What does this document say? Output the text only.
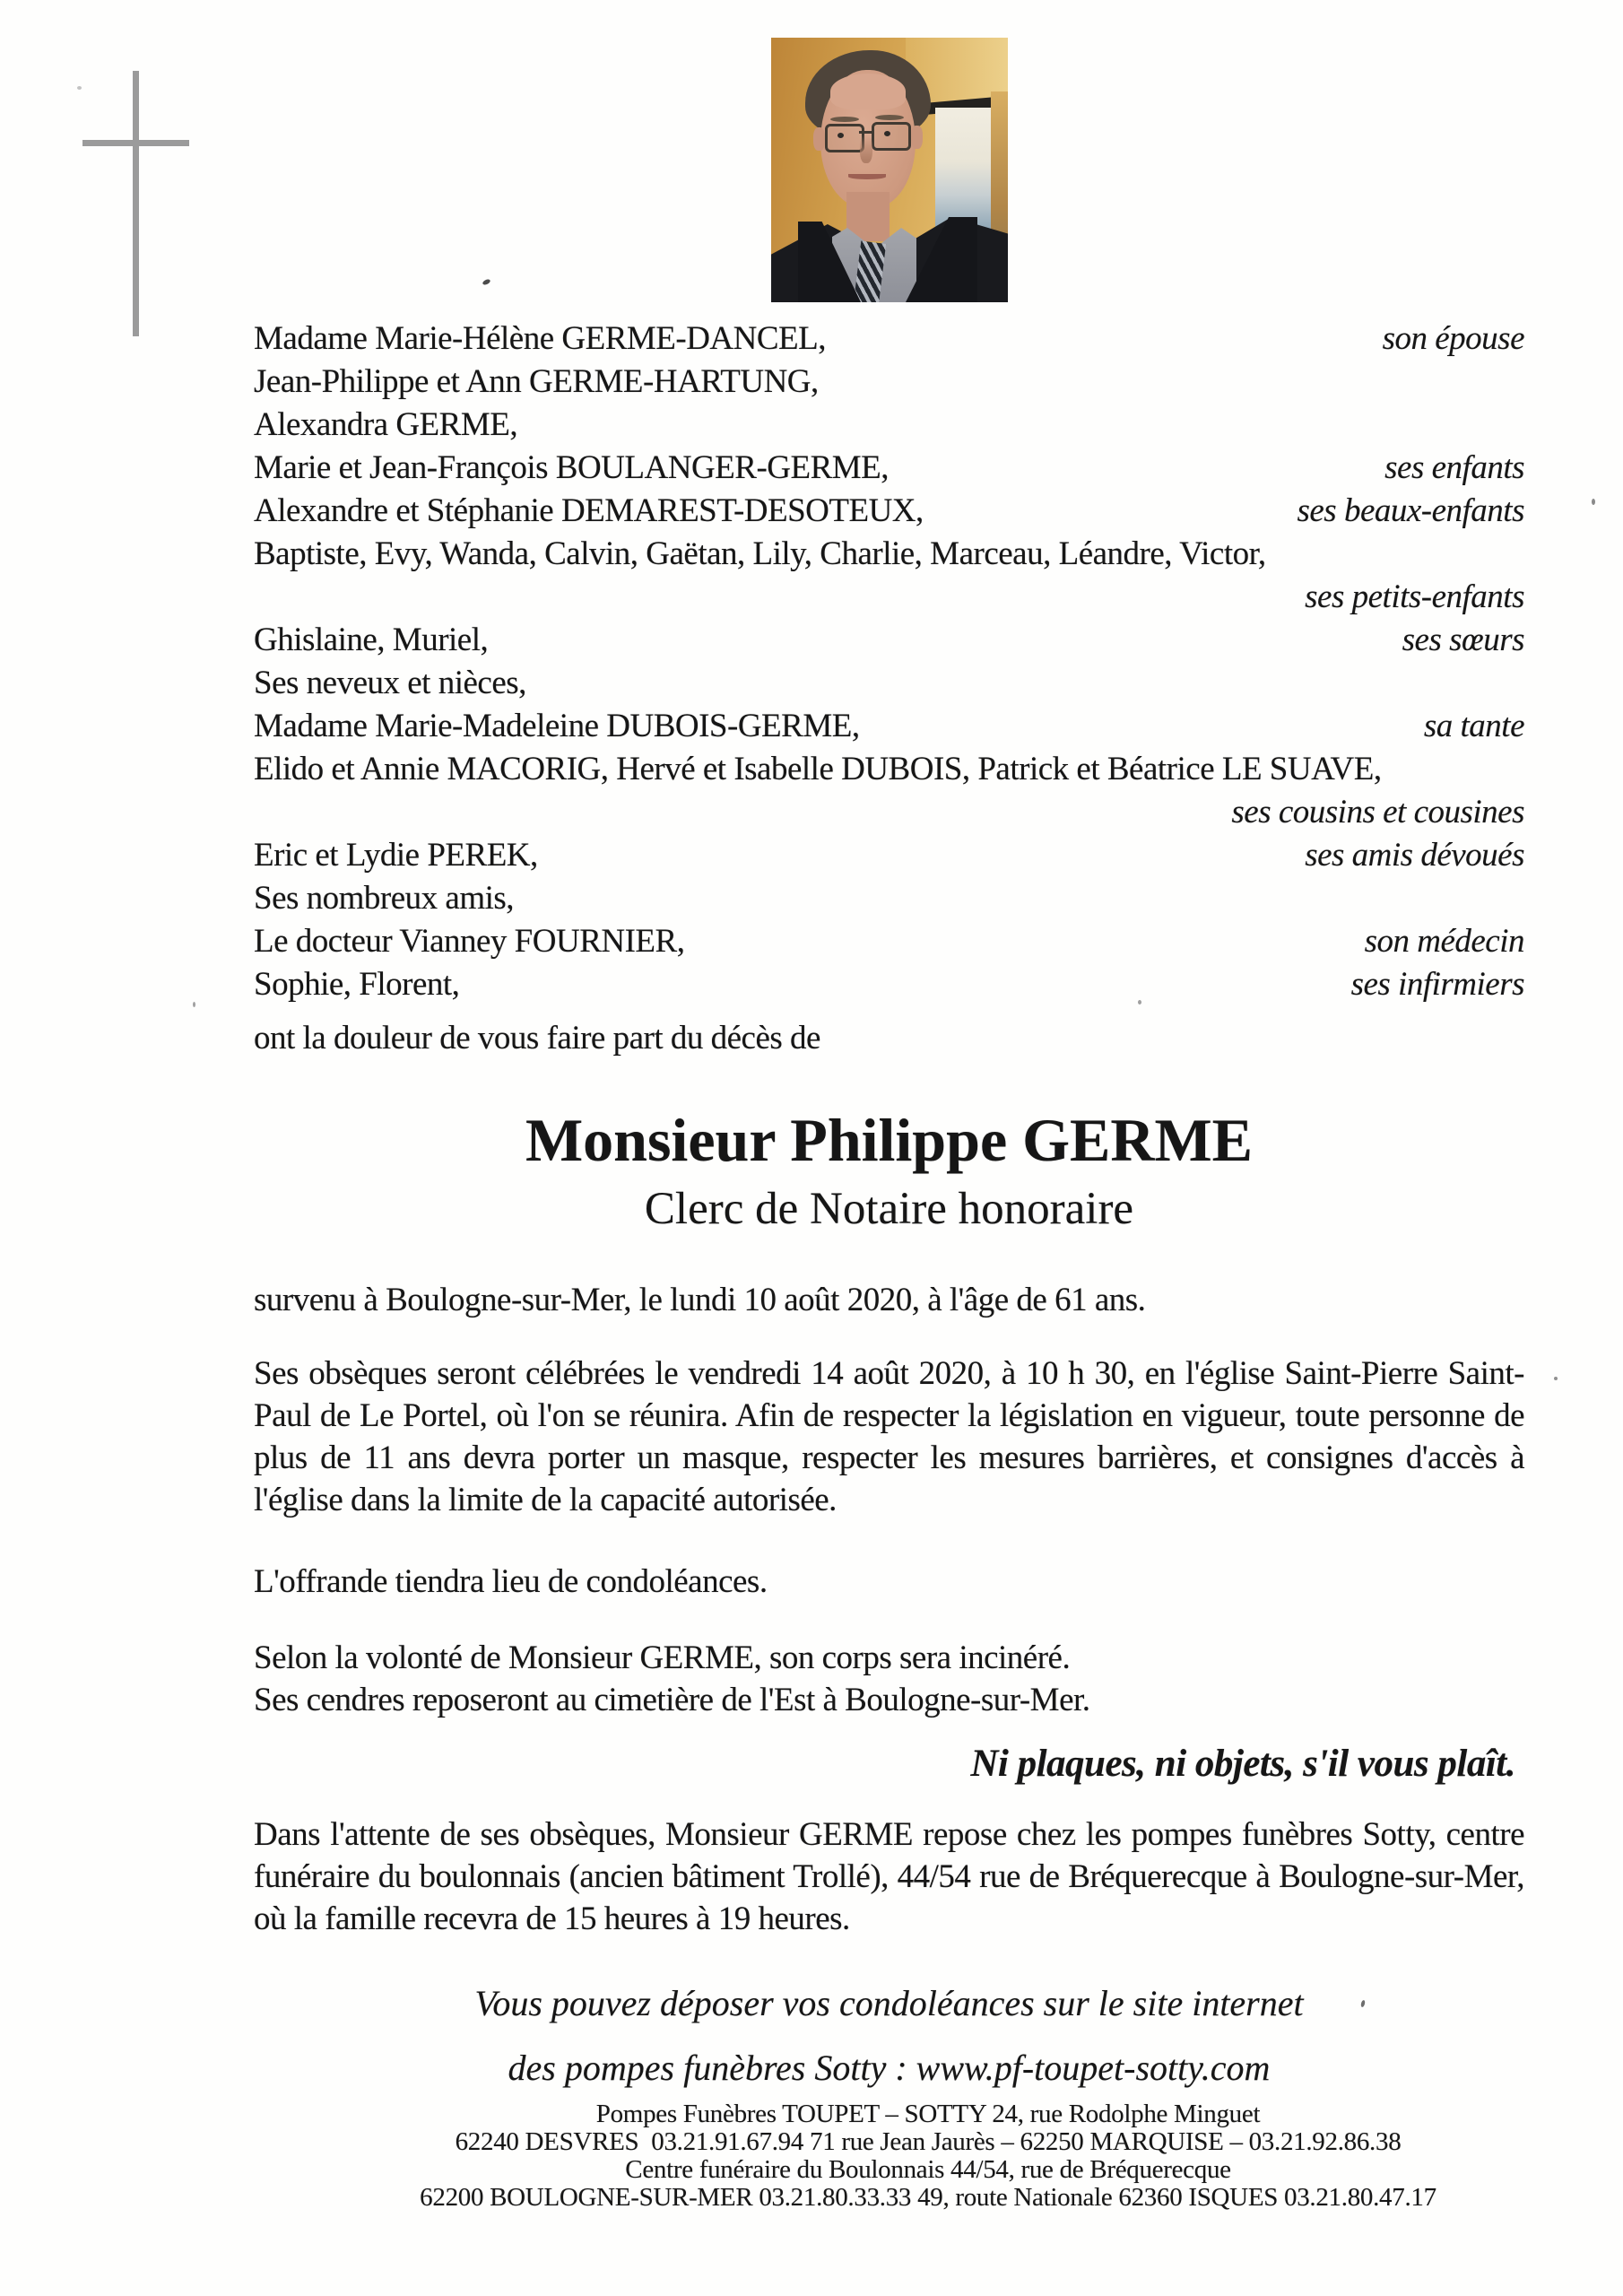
Madame Marie-Hélène GERME-DANCEL,	son épouse
Jean-Philippe et Ann GERME-HARTUNG,
Alexandra GERME,
Marie et Jean-François BOULANGER-GERME,	ses enfants
Alexandre et Stéphanie DEMAREST-DESOTEUX,	ses beaux-enfants
Baptiste, Evy, Wanda, Calvin, Gaëtan, Lily, Charlie, Marceau, Léandre, Victor,
ses petits-enfants
Ghislaine, Muriel,	ses sœurs
Ses neveux et nièces,
Madame Marie-Madeleine DUBOIS-GERME,	sa tante
Elido et Annie MACORIG, Hervé et Isabelle DUBOIS, Patrick et Béatrice LE SUAVE,
ses cousins et cousines
Eric et Lydie PEREK,	ses amis dévoués
Ses nombreux amis,
Le docteur Vianney FOURNIER,	son médecin
Sophie, Florent,	ses infirmiers
ont la douleur de vous faire part du décès de
Monsieur Philippe GERME
Clerc de Notaire honoraire
survenu à Boulogne-sur-Mer, le lundi 10 août 2020, à l'âge de 61 ans.
Ses obsèques seront célébrées le vendredi 14 août 2020, à 10 h 30, en l'église Saint-Pierre Saint-Paul de Le Portel, où l'on se réunira. Afin de respecter la législation en vigueur, toute personne de plus de 11 ans devra porter un masque, respecter les mesures barrières, et consignes d'accès à l'église dans la limite de la capacité autorisée.
L'offrande tiendra lieu de condoléances.
Selon la volonté de Monsieur GERME, son corps sera incinéré.
Ses cendres reposeront au cimetière de l'Est à Boulogne-sur-Mer.
Ni plaques, ni objets, s'il vous plaît.
Dans l'attente de ses obsèques, Monsieur GERME repose chez les pompes funèbres Sotty, centre funéraire du boulonnais (ancien bâtiment Trollé), 44/54 rue de Bréquerecque à Boulogne-sur-Mer, où la famille recevra de 15 heures à 19 heures.
Vous pouvez déposer vos condoléances sur le site internet
des pompes funèbres Sotty : www.pf-toupet-sotty.com
Pompes Funèbres TOUPET – SOTTY 24, rue Rodolphe Minguet
62240 DESVRES  03.21.91.67.94 71 rue Jean Jaurès – 62250 MARQUISE – 03.21.92.86.38
Centre funéraire du Boulonnais 44/54, rue de Bréquerecque
62200 BOULOGNE-SUR-MER 03.21.80.33.33 49, route Nationale 62360 ISQUES 03.21.80.47.17
